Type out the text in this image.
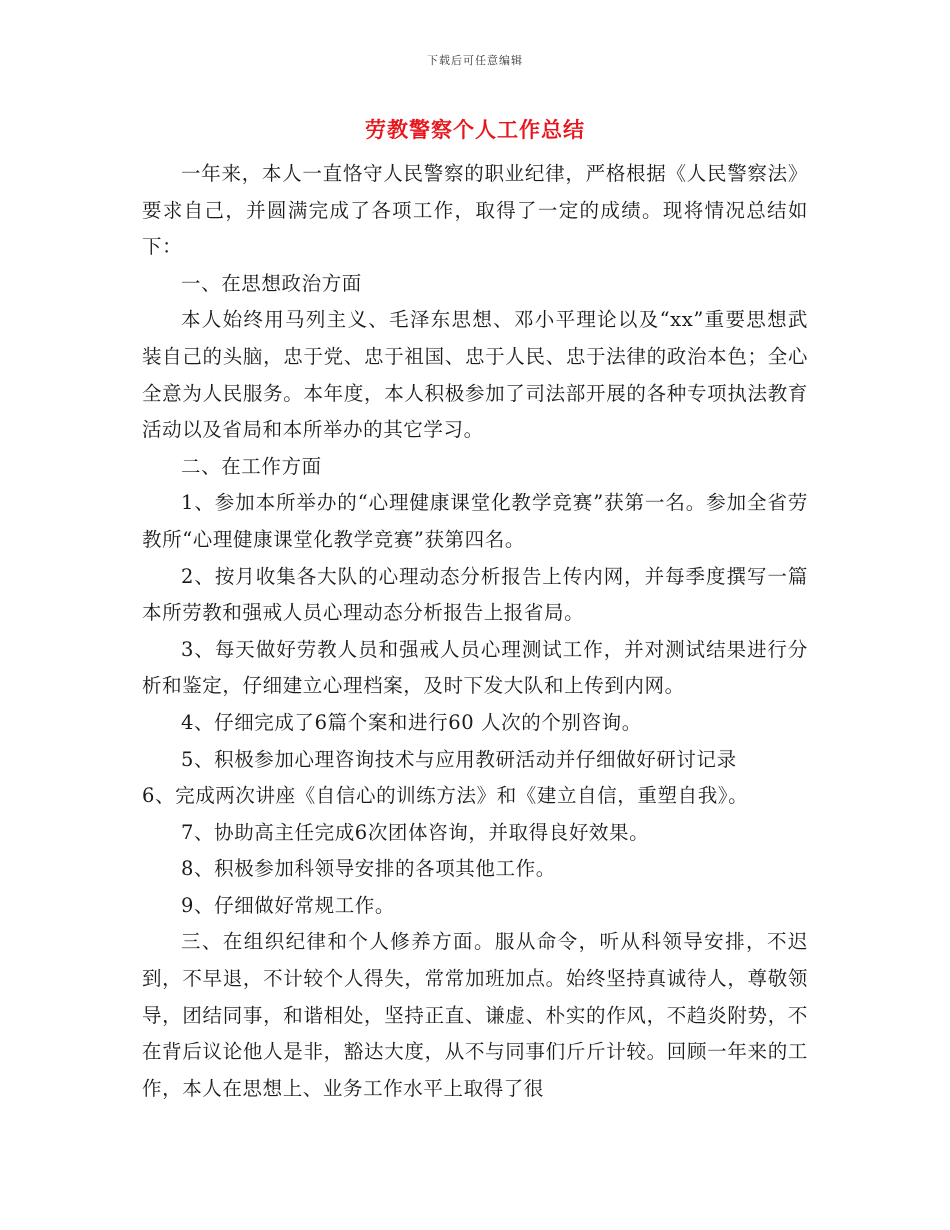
下载后可任意编辑
劳教警察个人工作总结

一年来，本人一直恪守人民警察的职业纪律，严格根据《人民警察法》要求自己，并圆满完成了各项工作，取得了一定的成绩。现将情况总结如下：

一、在思想政治方面

本人始终用马列主义、毛泽东思想、邓小平理论以及“xx”重要思想武装自己的头脑，忠于党、忠于祖国、忠于人民、忠于法律的政治本色；全心全意为人民服务。本年度，本人积极参加了司法部开展的各种专项执法教育活动以及省局和本所举办的其它学习。

二、在工作方面

1、参加本所举办的“心理健康课堂化教学竞赛”获第一名。参加全省劳教所“心理健康课堂化教学竞赛”获第四名。

2、按月收集各大队的心理动态分析报告上传内网，并每季度撰写一篇本所劳教和强戒人员心理动态分析报告上报省局。

3、每天做好劳教人员和强戒人员心理测试工作，并对测试结果进行分析和鉴定，仔细建立心理档案，及时下发大队和上传到内网。

4、仔细完成了6篇个案和进行60 人次的个别咨询。

5、积极参加心理咨询技术与应用教研活动并仔细做好研讨记录

6、完成两次讲座《自信心的训练方法》和《建立自信，重塑自我》。

7、协助高主任完成6次团体咨询，并取得良好效果。

8、积极参加科领导安排的各项其他工作。

9、仔细做好常规工作。

三、在组织纪律和个人修养方面。服从命令，听从科领导安排，不迟到，不早退，不计较个人得失，常常加班加点。始终坚持真诚待人，尊敬领导，团结同事，和谐相处，坚持正直、谦虚、朴实的作风，不趋炎附势，不在背后议论他人是非，豁达大度，从不与同事们斤斤计较。回顾一年来的工作，本人在思想上、业务工作水平上取得了很
